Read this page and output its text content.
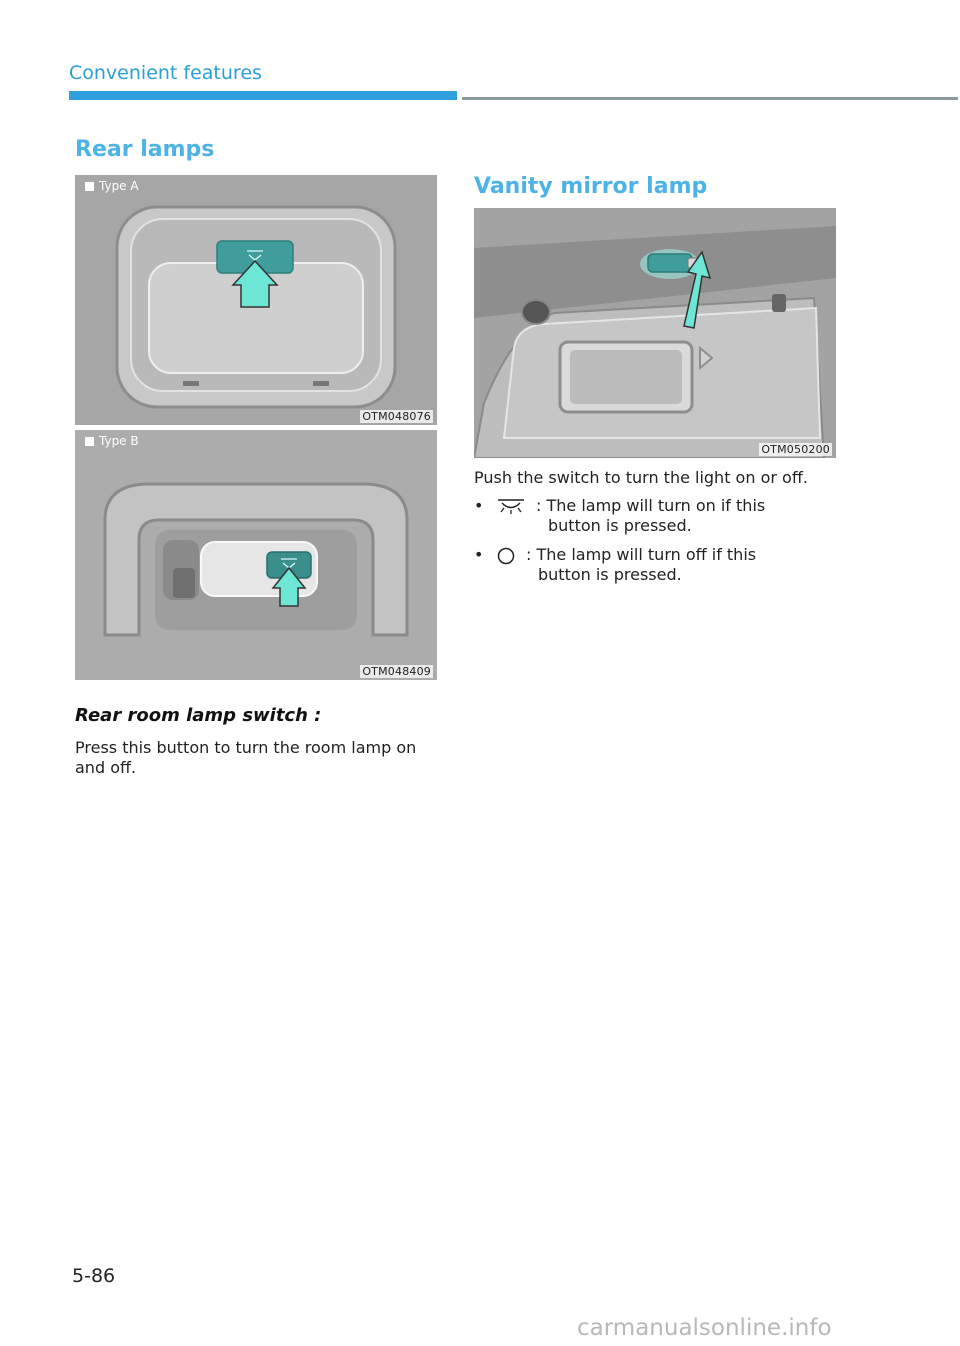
Convenient features
Rear lamps
Type A
OTM048076
Type B
OTM048409
Rear room lamp switch :

Press this button to turn the room lamp on and off.

Vanity mirror lamp
OTM050200

Push the switch to turn the light on or off.

•	: The lamp will turn on if this
button is pressed.
•	: The lamp will turn off if this
button is pressed.
5-86
carmanualsonline.info
